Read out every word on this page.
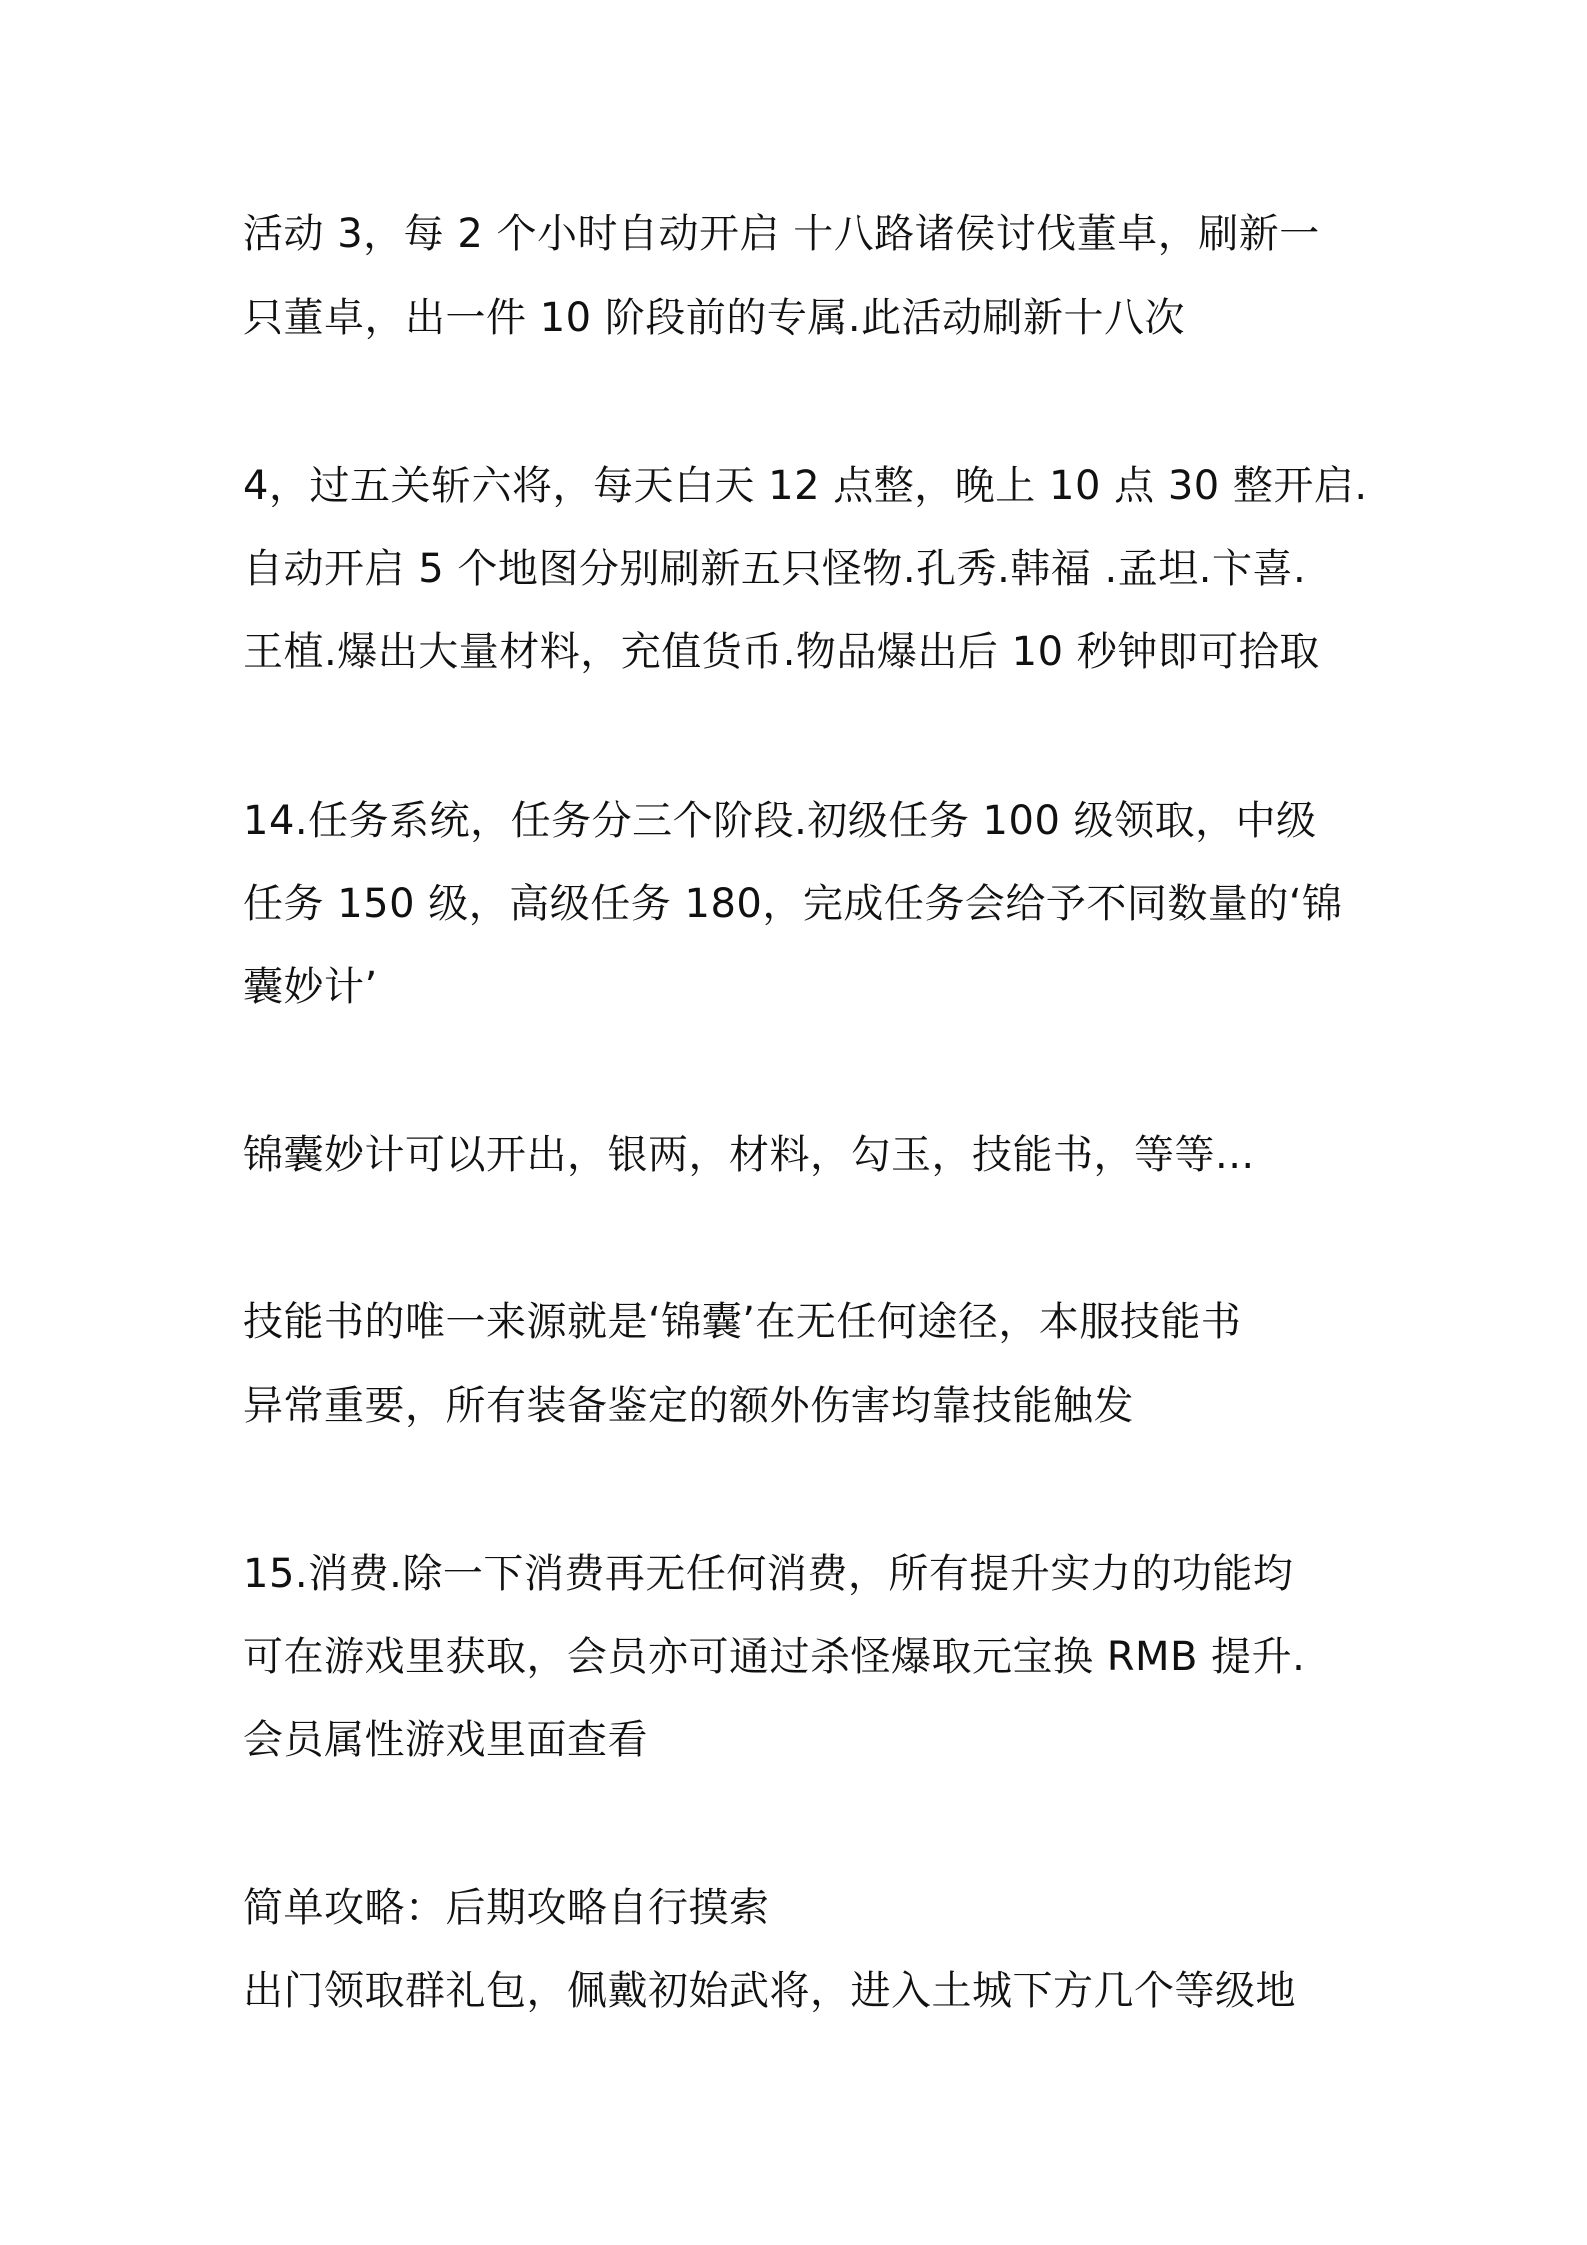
活动 3，每 2 个小时自动开启 十八路诸侯讨伐董卓，刷新一
只董卓，出一件 10 阶段前的专属.此活动刷新十八次
4，过五关斩六将，每天白天 12 点整，晚上 10 点 30 整开启.
自动开启 5 个地图分别刷新五只怪物.孔秀.韩福 .孟坦.卞喜.
王植.爆出大量材料，充值货币.物品爆出后 10 秒钟即可拾取
14.任务系统，任务分三个阶段.初级任务 100 级领取，中级
任务 150 级，高级任务 180，完成任务会给予不同数量的‘锦
囊妙计’
锦囊妙计可以开出，银两，材料，勾玉，技能书，等等...
技能书的唯一来源就是‘锦囊’在无任何途径，本服技能书
异常重要，所有装备鉴定的额外伤害均靠技能触发
15.消费.除一下消费再无任何消费，所有提升实力的功能均
可在游戏里获取，会员亦可通过杀怪爆取元宝换 RMB 提升.
会员属性游戏里面查看
简单攻略：后期攻略自行摸索
出门领取群礼包，佩戴初始武将，进入土城下方几个等级地
